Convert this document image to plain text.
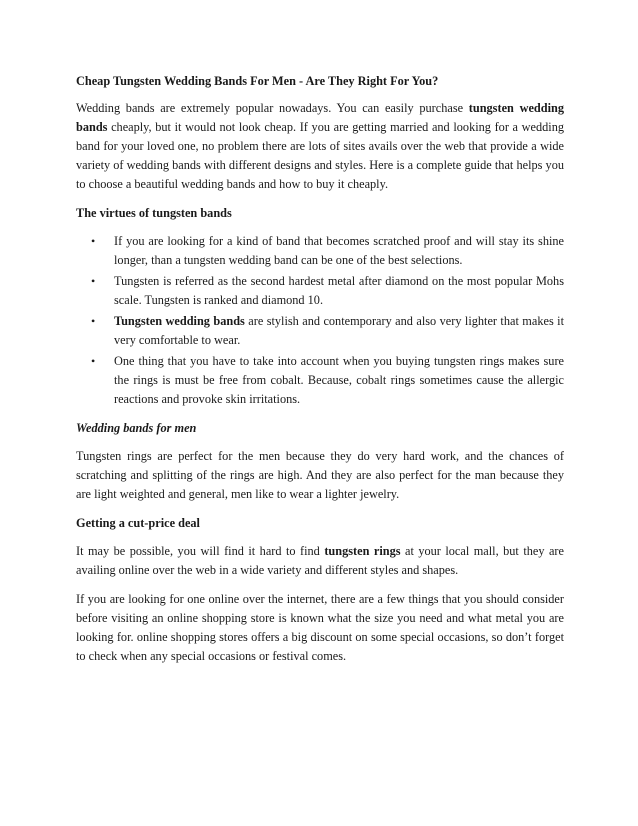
Cheap Tungsten Wedding Bands For Men - Are They Right For You?

Wedding bands are extremely popular nowadays. You can easily purchase tungsten wedding bands cheaply, but it would not look cheap. If you are getting married and looking for a wedding band for your loved one, no problem there are lots of sites avails over the web that provide a wide variety of wedding bands with different designs and styles. Here is a complete guide that helps you to choose a beautiful wedding bands and how to buy it cheaply.

The virtues of tungsten bands
• If you are looking for a kind of band that becomes scratched proof and will stay its shine longer, than a tungsten wedding band can be one of the best selections.
• Tungsten is referred as the second hardest metal after diamond on the most popular Mohs scale. Tungsten is ranked and diamond 10.
• Tungsten wedding bands are stylish and contemporary and also very lighter that makes it very comfortable to wear.
• One thing that you have to take into account when you buying tungsten rings makes sure the rings is must be free from cobalt. Because, cobalt rings sometimes cause the allergic reactions and provoke skin irritations.
Wedding bands for men

Tungsten rings are perfect for the men because they do very hard work, and the chances of scratching and splitting of the rings are high. And they are also perfect for the man because they are light weighted and general, men like to wear a lighter jewelry.

Getting a cut-price deal

It may be possible, you will find it hard to find tungsten rings at your local mall, but they are availing online over the web in a wide variety and different styles and shapes.

If you are looking for one online over the internet, there are a few things that you should consider before visiting an online shopping store is known what the size you need and what metal you are looking for. online shopping stores offers a big discount on some special occasions, so don’t forget to check when any special occasions or festival comes.
